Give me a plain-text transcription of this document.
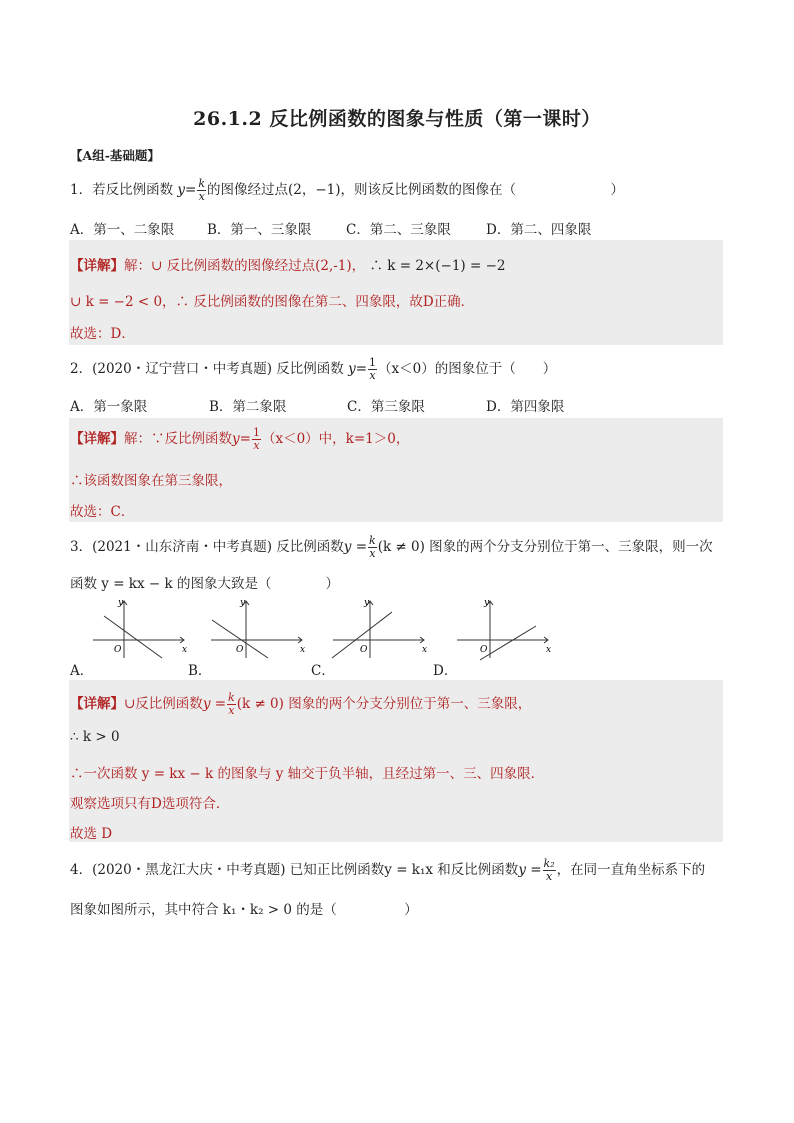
26.1.2 反比例函数的图象与性质（第一课时）
【A组-基础题】
1．若反比例函数 $y= \frac{k}{x}$ 的图像经过点(2，−1)，则该反比例函数的图像在（　　　　　　　）
A．第一、二象限 B．第一、三象限	C．第二、三象限	D．第二、四象限
【详解】解：∪ 反比例函数的图像经过点(2,-1)， ∴ k = 2×(−1) = −2
∪ k = −2 < 0，∴ 反比例函数的图像在第二、四象限，故D正确．
故选：D．
2．(2020・辽宁营口・中考真题) 反比例函数 $y= \frac{1}{x} (x<0)$的图象位于（　　）
A．第一象限	B．第二象限	C．第三象限	D．第四象限
【详解】解：∵反比例函数$y= \frac{1}{x} (x<0)$中，k=1＞0，
∴该函数图象在第三象限，
故选：C．
3．(2021・山东济南・中考真题) 反比例函数$y = \frac{k}{x} (k \ne 0)$ 图象的两个分支分别位于第一、三象限，则一次
函数 y = kx − k 的图象大致是（　　　　）
A．	B．	C．	D．
y
x
O
y
x
O
y
x
O
y
x
O
【详解】∪反比例函数$y = \frac{k}{x} (k \ne 0)$ 图象的两个分支分别位于第一、三象限，
∴ k > 0
∴一次函数 y = kx − k 的图象与 y 轴交于负半轴，且经过第一、三、四象限．
观察选项只有D选项符合．
故选 D
4．(2020・黑龙江大庆・中考真题) 已知正比例函数y = k₁x 和反比例函数$y = \frac{\text{k₂}}{x}$ ，在同一直角坐标系下的
图象如图所示，其中符合 k₁・k₂ > 0 的是（　　　　　）
